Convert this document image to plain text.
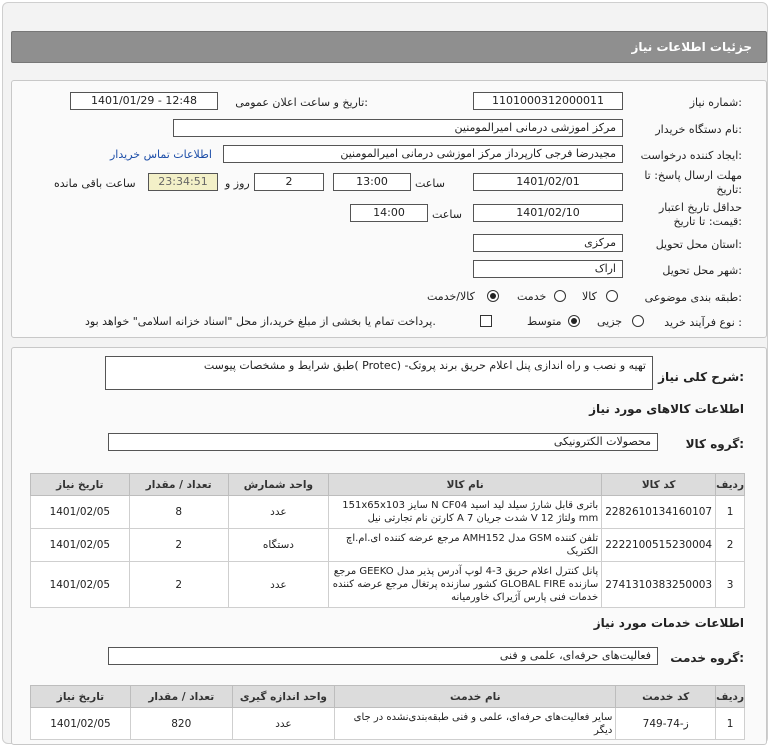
جزئیات اطلاعات نیاز
شماره نیاز:
1101000312000011
تاریخ و ساعت اعلان عمومی:
1401/01/29 - 12:48
نام دستگاه خریدار:
مرکز اموزشی درمانی امیرالمومنین
ایجاد کننده درخواست:
مجیدرضا فرجی کارپرداز مرکز اموزشی درمانی امیرالمومنین
اطلاعات تماس خریدار
مهلت ارسال پاسخ: تا
تاریخ:
1401/02/01
ساعت
13:00
2
روز و
23:34:51
ساعت باقی مانده
حداقل تاریخ اعتبار
قیمت: تا تاریخ:
1401/02/10
ساعت
14:00
استان محل تحویل:
مرکزی
شهر محل تحویل:
اراک
طبقه بندی موضوعی:
کالا
خدمت
کالا/خدمت
نوع فرآیند خرید :
جزیی
متوسط
پرداخت تمام یا بخشی از مبلغ خرید،از محل "اسناد خزانه اسلامی" خواهد بود.
شرح کلی نیاز:
تهیه و نصب و راه اندازی پنل اعلام حریق برند پروتک- (Protec )طبق شرایط و مشخصات پیوست
اطلاعات کالاهای مورد نیاز
گروه کالا:
محصولات الکترونیکی
ردیف	کد کالا	نام کالا	واحد شمارش	تعداد / مقدار	تاریخ نیاز
1	2282610134160107	باتری قابل شارژ سیلد لید اسید N CF04 سایز 151x65x103 mm ولتاژ 12 V شدت جریان 7 A کارتن نام تجارتی نیل	عدد	8	1401/02/05
2	2222100515230004	تلفن کننده GSM مدل AMH152 مرجع عرضه کننده ای.ام.اچ الکتریک	دستگاه	2	1401/02/05
3	2741310383250003	پانل کنترل اعلام حریق 3-4 لوپ آدرس پذیر مدل GEEKO مرجع سازنده GLOBAL FIRE کشور سازنده پرتغال مرجع عرضه کننده خدمات فنی پارس آژیراک خاورمیانه	عدد	2	1401/02/05
اطلاعات خدمات مورد نیاز
گروه خدمت:
فعالیت‌های حرفه‌ای، علمی و فنی
ردیف	کد خدمت	نام خدمت	واحد اندازه گیری	تعداد / مقدار	تاریخ نیاز
1	ز-74-749	سایر فعالیت‌های حرفه‌ای، علمی و فنی طبقه‌بندی‌نشده در جای دیگر	عدد	820	1401/02/05
